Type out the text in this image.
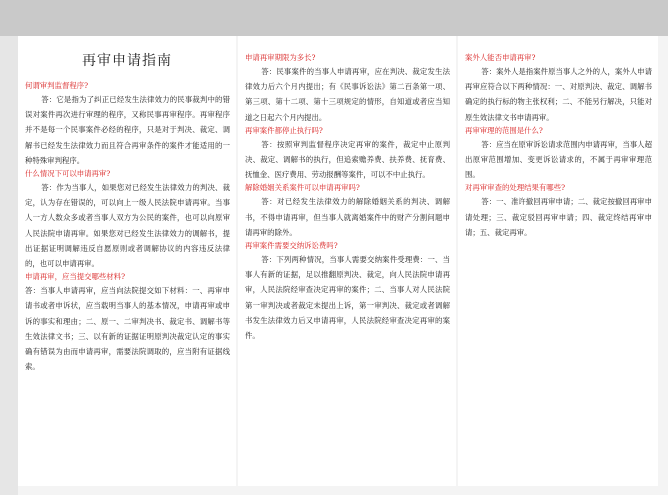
再审申请指南

何谓审判监督程序?

答：它是指为了纠正已经发生法律效力的民事裁判中的错误对案件再次进行审理的程序，又称民事再审程序。再审程序并不是每一个民事案件必经的程序，只是对于判决、裁定、调解书已经发生法律效力而且符合再审条件的案件才能适用的一种特殊审判程序。

什么情况下可以申请再审?

答：作为当事人，如果您对已经发生法律效力的判决、裁定，认为存在错误的，可以向上一级人民法院申请再审。当事人一方人数众多或者当事人双方为公民的案件，也可以向原审人民法院申请再审。如果您对已经发生法律效力的调解书，提出证据证明调解违反自愿原则或者调解协议的内容违反法律的，也可以申请再审。

申请再审，应当提交哪些材料?

答：当事人申请再审，应当向法院提交如下材料：一、再审申请书或者申诉状，应当载明当事人的基本情况，申请再审或申诉的事实和理由；二、原一、二审判决书、裁定书、调解书等生效法律文书；三、以有新的证据证明原判决裁定认定的事实确有错误为由而申请再审，需要法院调取的，应当附有证据线索。

申请再审期限为多长?

答：民事案件的当事人申请再审，应在判决、裁定发生法律效力后六个月内提出；有《民事诉讼法》第二百条第一项、第三项、第十二项、第十三项规定的情形，自知道或者应当知道之日起六个月内提出。

再审案件都停止执行吗?

答：按照审判监督程序决定再审的案件，裁定中止原判决、裁定、调解书的执行，但追索赡养费、扶养费、抚育费、抚恤金、医疗费用、劳动报酬等案件，可以不中止执行。

解除婚姻关系案件可以申请再审吗?

答：对已经发生法律效力的解除婚姻关系的判决、调解书，不得申请再审，但当事人就离婚案件中的财产分割问题申请再审的除外。

再审案件需要交纳诉讼费吗?

答：下列两种情况，当事人需要交纳案件受理费：一、当事人有新的证据，足以推翻原判决、裁定，向人民法院申请再审，人民法院经审查决定再审的案件；二、当事人对人民法院第一审判决或者裁定未提出上诉，第一审判决、裁定或者调解书发生法律效力后又申请再审，人民法院经审查决定再审的案件。

案外人能否申请再审?

答：案外人是指案件原当事人之外的人，案外人申请再审应符合以下两种情况：一、对原判决、裁定、调解书确定的执行标的物主张权利；二、不能另行解决，只能对原生效法律文书申请再审。

再审审理的范围是什么?

答：应当在原审诉讼请求范围内申请再审，当事人超出原审范围增加、变更诉讼请求的，不属于再审审理范围。

对再审审查的处理结果有哪些?

答：一、准许撤回再审申请；二、裁定按撤回再审申请处理；三、裁定驳回再审申请；四、裁定终结再审申请；五、裁定再审。
